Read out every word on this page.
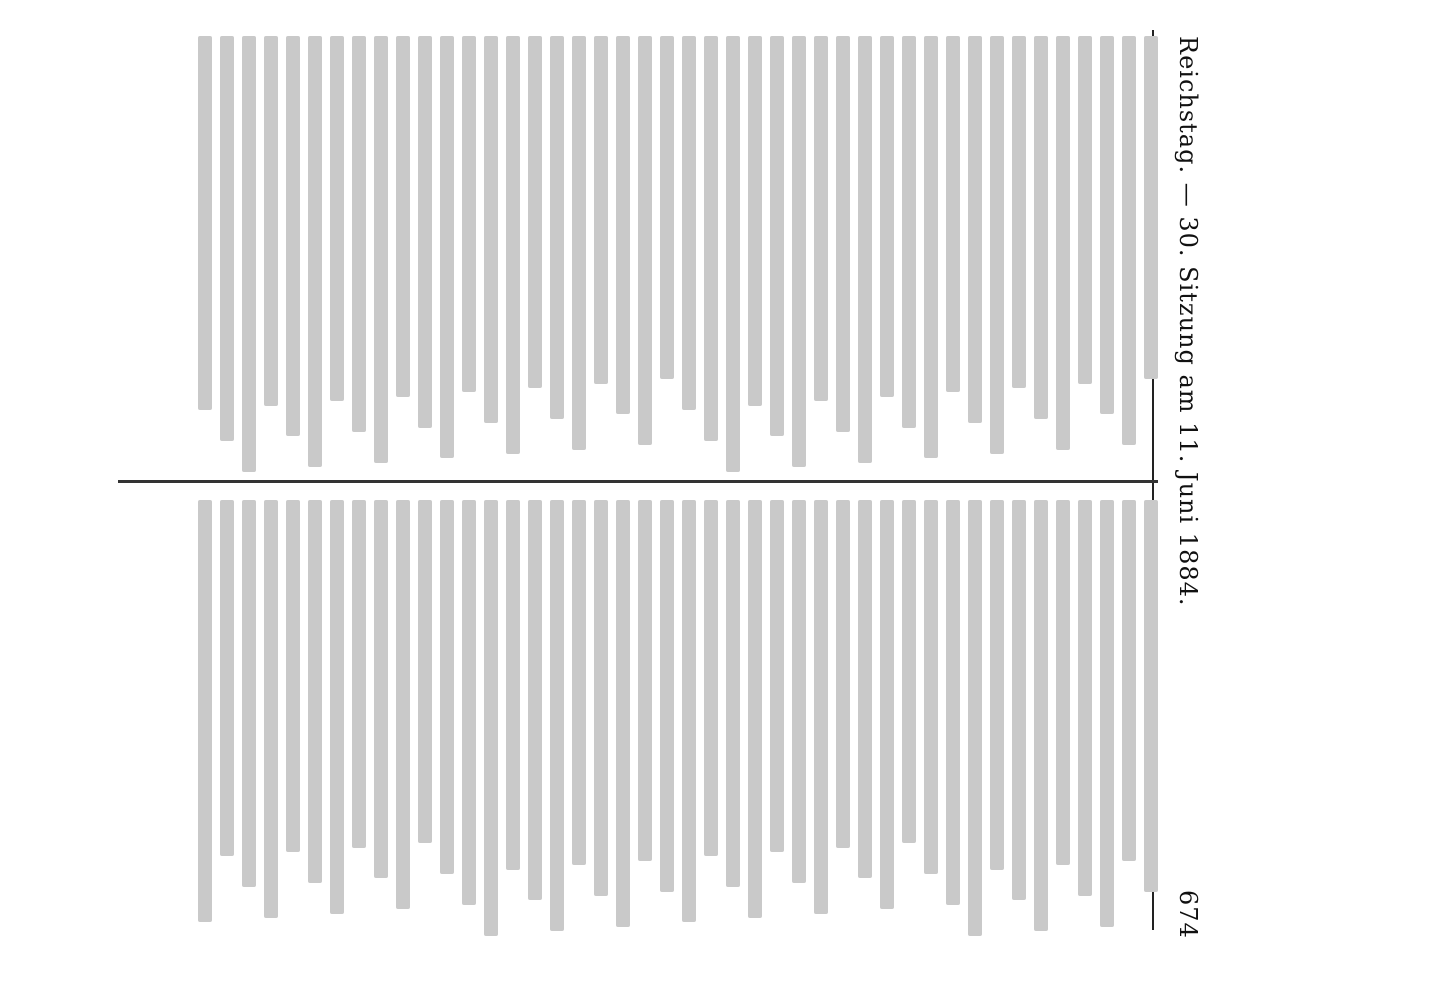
Reichstag. — 30. Sitzung am 11. Juni 1884.
674
